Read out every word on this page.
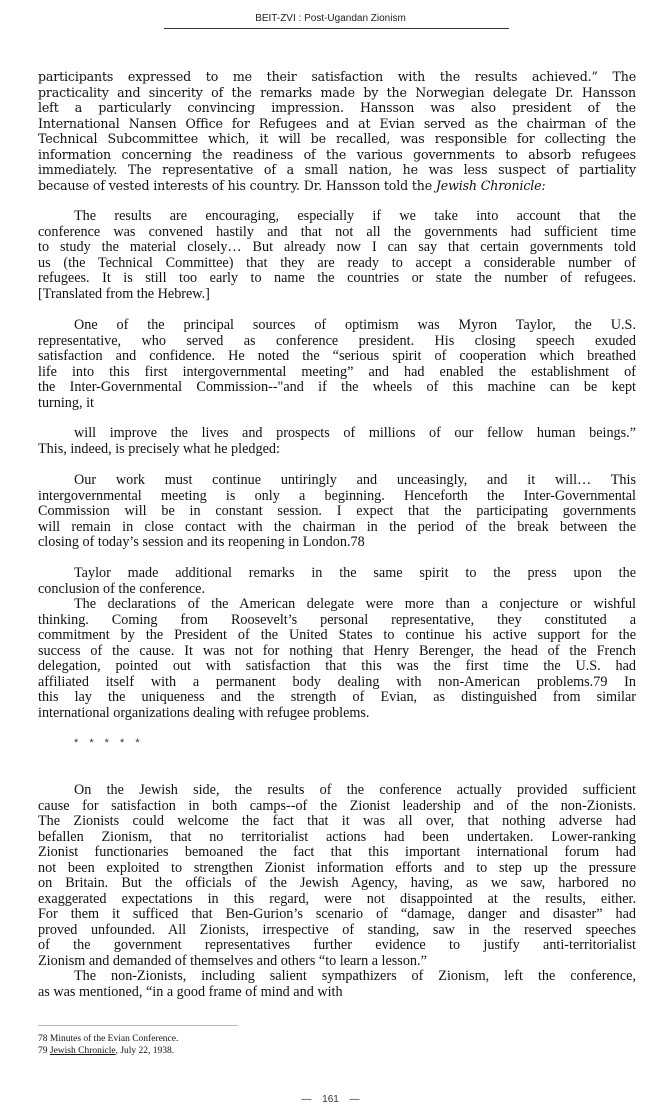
BEIT-ZVI : Post-Ugandan Zionism
participants expressed to me their satisfaction with the results achieved.” The
practicality and sincerity of the remarks made by the Norwegian delegate Dr. Hansson
left a particularly convincing impression. Hansson was also president of the
International Nansen Office for Refugees and at Evian served as the chairman of the
Technical Subcommittee which, it will be recalled, was responsible for collecting the
information concerning the readiness of the various governments to absorb refugees
immediately. The representative of a small nation, he was less suspect of partiality
because of vested interests of his country. Dr. Hansson told the Jewish Chronicle:
The results are encouraging, especially if we take into account that the
conference was convened hastily and that not all the governments had sufficient time
to study the material closely… But already now I can say that certain governments told
us (the Technical Committee) that they are ready to accept a considerable number of
refugees. It is still too early to name the countries or state the number of refugees.
[Translated from the Hebrew.]
One of the principal sources of optimism was Myron Taylor, the U.S.
representative, who served as conference president. His closing speech exuded
satisfaction and confidence. He noted the “serious spirit of cooperation which breathed
life into this first intergovernmental meeting” and had enabled the establishment of
the Inter-Governmental Commission--"and if the wheels of this machine can be kept
turning, it
will improve the lives and prospects of millions of our fellow human beings.”
This, indeed, is precisely what he pledged:
Our work must continue untiringly and unceasingly, and it will… This
intergovernmental meeting is only a beginning. Henceforth the Inter-Governmental
Commission will be in constant session. I expect that the participating governments
will remain in close contact with the chairman in the period of the break between the
closing of today’s session and its reopening in London.78
Taylor made additional remarks in the same spirit to the press upon the
conclusion of the conference.
The declarations of the American delegate were more than a conjecture or wishful
thinking. Coming from Roosevelt’s personal representative, they constituted a
commitment by the President of the United States to continue his active support for the
success of the cause. It was not for nothing that Henry Berenger, the head of the French
delegation, pointed out with satisfaction that this was the first time the U.S. had
affiliated itself with a permanent body dealing with non-American problems.79 In
this lay the uniqueness and the strength of Evian, as distinguished from similar
international organizations dealing with refugee problems.
* * * * *
On the Jewish side, the results of the conference actually provided sufficient
cause for satisfaction in both camps--of the Zionist leadership and of the non-Zionists.
The Zionists could welcome the fact that it was all over, that nothing adverse had
befallen Zionism, that no territorialist actions had been undertaken. Lower-ranking
Zionist functionaries bemoaned the fact that this important international forum had
not been exploited to strengthen Zionist information efforts and to step up the pressure
on Britain. But the officials of the Jewish Agency, having, as we saw, harbored no
exaggerated expectations in this regard, were not disappointed at the results, either.
For them it sufficed that Ben-Gurion’s scenario of “damage, danger and disaster” had
proved unfounded. All Zionists, irrespective of standing, saw in the reserved speeches
of the government representatives further evidence to justify anti-territorialist
Zionism and demanded of themselves and others “to learn a lesson.”
The non-Zionists, including salient sympathizers of Zionism, left the conference,
as was mentioned, “in a good frame of mind and with
78 Minutes of the Evian Conference.
79 Jewish Chronicle, July 22, 1938.
— 161 —
